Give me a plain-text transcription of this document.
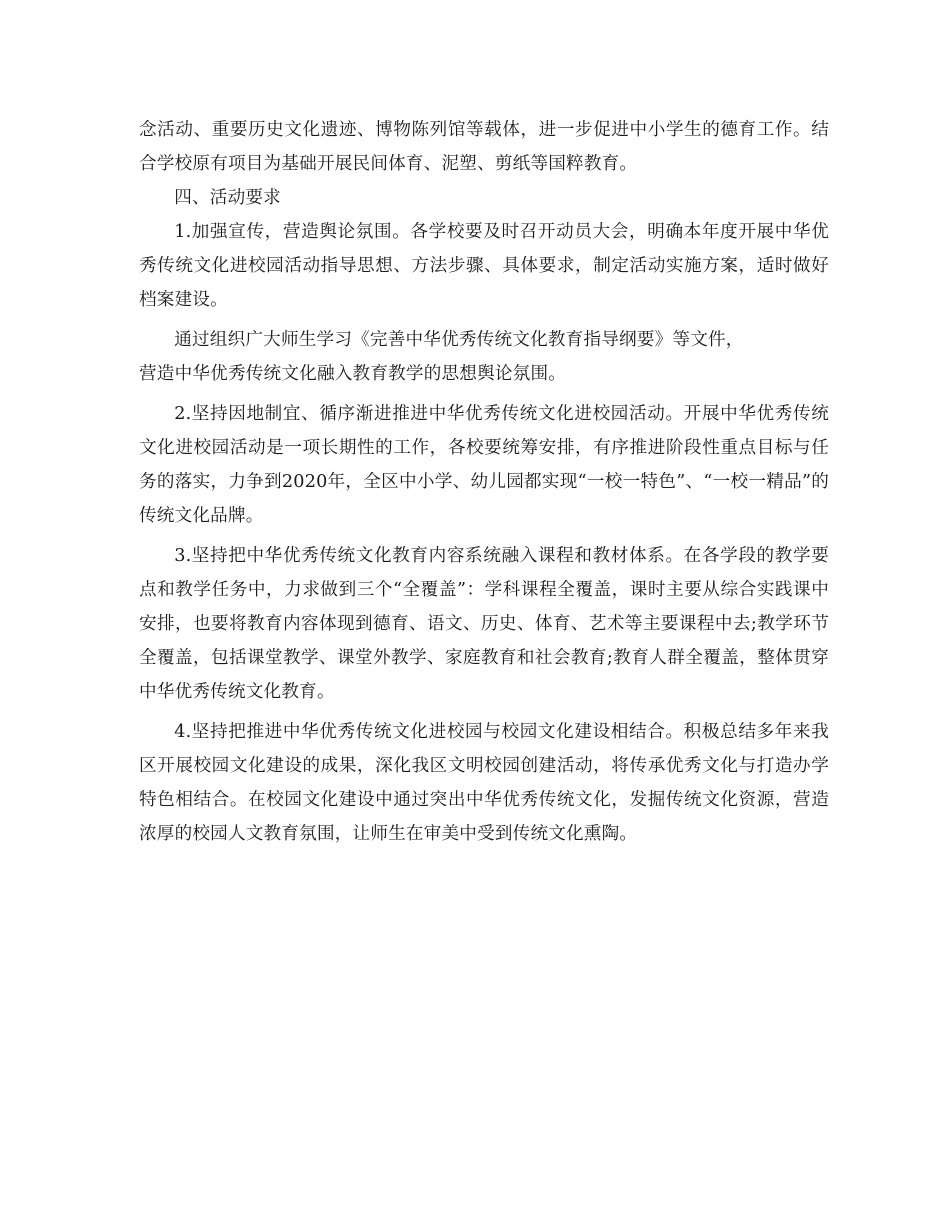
念活动、重要历史文化遗迹、博物陈列馆等载体，进一步促进中小学生的德育工作。结合学校原有项目为基础开展民间体育、泥塑、剪纸等国粹教育。

四、活动要求

1.加强宣传，营造舆论氛围。各学校要及时召开动员大会，明确本年度开展中华优秀传统文化进校园活动指导思想、方法步骤、具体要求，制定活动实施方案，适时做好档案建设。

通过组织广大师生学习《完善中华优秀传统文化教育指导纲要》等文件，

营造中华优秀传统文化融入教育教学的思想舆论氛围。

2.坚持因地制宜、循序渐进推进中华优秀传统文化进校园活动。开展中华优秀传统文化进校园活动是一项长期性的工作，各校要统筹安排，有序推进阶段性重点目标与任务的落实，力争到2020年，全区中小学、幼儿园都实现“一校一特色”、“一校一精品”的传统文化品牌。

3.坚持把中华优秀传统文化教育内容系统融入课程和教材体系。在各学段的教学要点和教学任务中，力求做到三个“全覆盖”：学科课程全覆盖，课时主要从综合实践课中安排，也要将教育内容体现到德育、语文、历史、体育、艺术等主要课程中去;教学环节全覆盖，包括课堂教学、课堂外教学、家庭教育和社会教育;教育人群全覆盖，整体贯穿中华优秀传统文化教育。

4.坚持把推进中华优秀传统文化进校园与校园文化建设相结合。积极总结多年来我区开展校园文化建设的成果，深化我区文明校园创建活动，将传承优秀文化与打造办学特色相结合。在校园文化建设中通过突出中华优秀传统文化，发掘传统文化资源，营造浓厚的校园人文教育氛围，让师生在审美中受到传统文化熏陶。
